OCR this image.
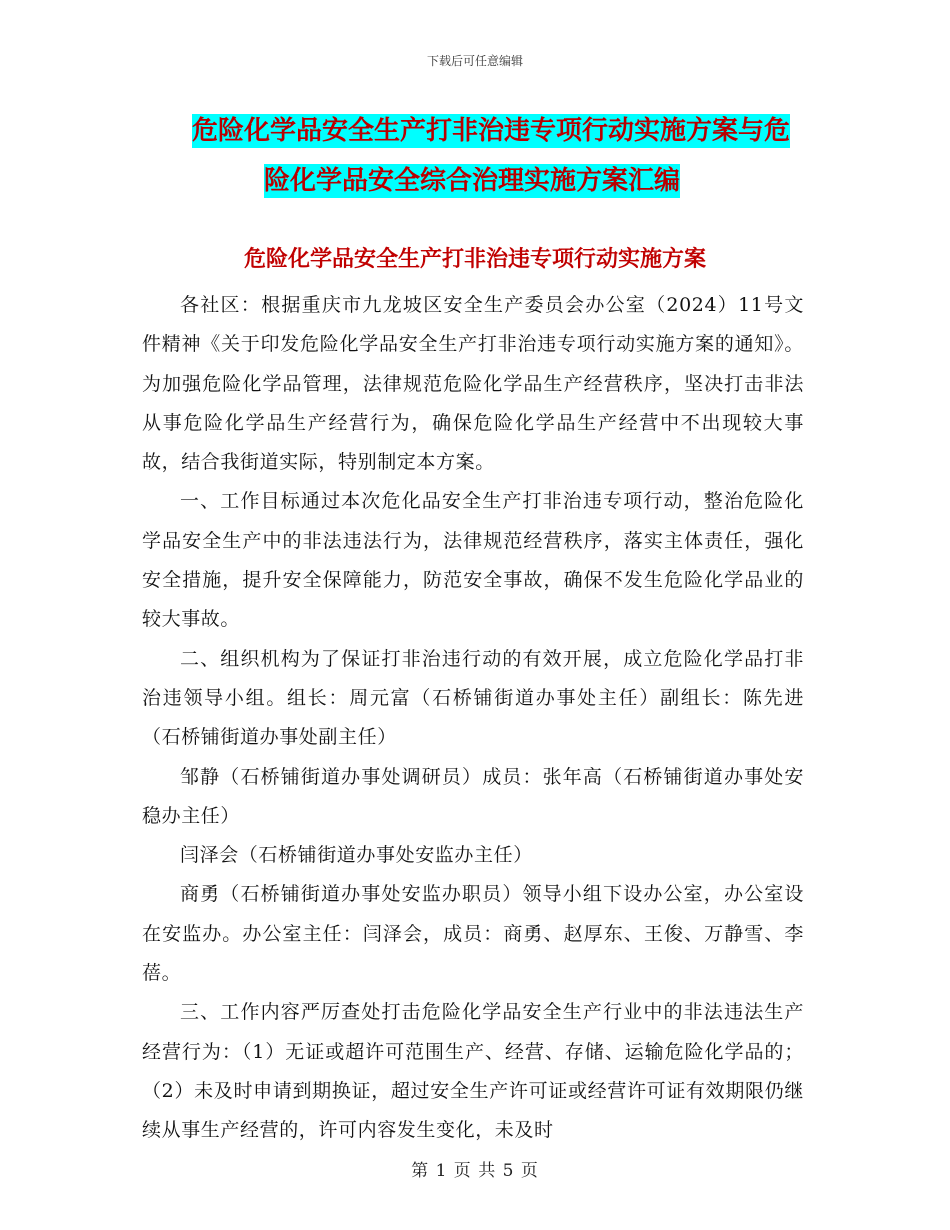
下载后可任意编辑
危险化学品安全生产打非治违专项行动实施方案与危
险化学品安全综合治理实施方案汇编
危险化学品安全生产打非治违专项行动实施方案

各社区：根据重庆市九龙坡区安全生产委员会办公室（2024）11号文件精神《关于印发危险化学品安全生产打非治违专项行动实施方案的通知》。为加强危险化学品管理，法律规范危险化学品生产经营秩序，坚决打击非法从事危险化学品生产经营行为，确保危险化学品生产经营中不出现较大事故，结合我街道实际，特别制定本方案。

一、工作目标通过本次危化品安全生产打非治违专项行动，整治危险化学品安全生产中的非法违法行为，法律规范经营秩序，落实主体责任，强化安全措施，提升安全保障能力，防范安全事故，确保不发生危险化学品业的较大事故。

二、组织机构为了保证打非治违行动的有效开展，成立危险化学品打非治违领导小组。组长：周元富（石桥铺街道办事处主任）副组长：陈先进（石桥铺街道办事处副主任）

邹静（石桥铺街道办事处调研员）成员：张年高（石桥铺街道办事处安稳办主任）

闫泽会（石桥铺街道办事处安监办主任）

商勇（石桥铺街道办事处安监办职员）领导小组下设办公室，办公室设在安监办。办公室主任：闫泽会，成员：商勇、赵厚东、王俊、万静雪、李蓓。

三、工作内容严厉查处打击危险化学品安全生产行业中的非法违法生产经营行为：（1）无证或超许可范围生产、经营、存储、运输危险化学品的；（2）未及时申请到期换证，超过安全生产许可证或经营许可证有效期限仍继续从事生产经营的，许可内容发生变化，未及时

第 1 页 共 5 页
